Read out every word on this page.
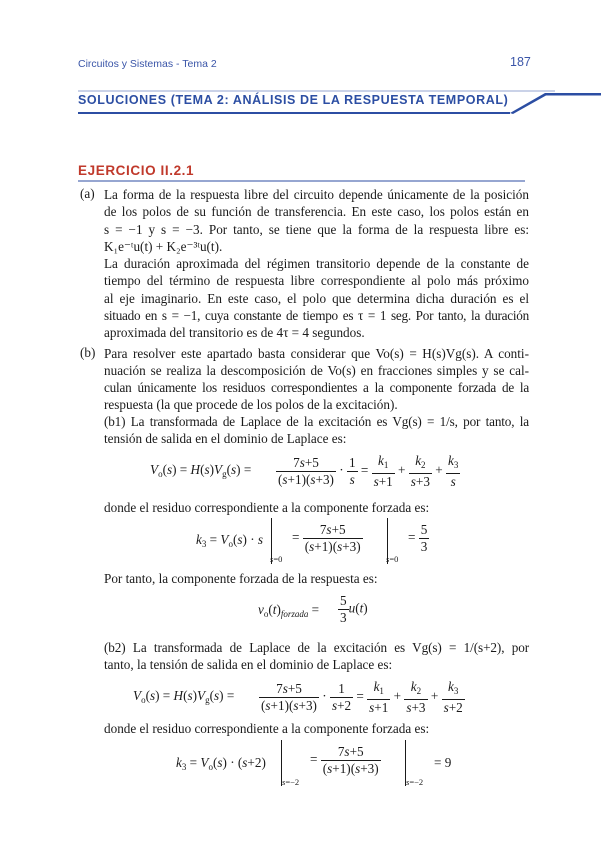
Circuitos y Sistemas - Tema 2	187
SOLUCIONES (TEMA 2: ANÁLISIS DE LA RESPUESTA TEMPORAL)
EJERCICIO II.2.1
(a) La forma de la respuesta libre del circuito depende únicamente de la posición
de los polos de su función de transferencia. En este caso, los polos están en
s = −1 y s = −3. Por tanto, se tiene que la forma de la respuesta libre es:
K₁e⁻ᵗu(t) + K₂e⁻³ᵗu(t).
La duración aproximada del régimen transitorio depende de la constante de
tiempo del término de respuesta libre correspondiente al polo más próximo
al eje imaginario. En este caso, el polo que determina dicha duración es el
situado en s = −1, cuya constante de tiempo es τ = 1 seg. Por tanto, la duración
aproximada del transitorio es de 4τ = 4 segundos.
(b) Para resolver este apartado basta considerar que Vo(s) = H(s)Vg(s). A conti-
nuación se realiza la descomposición de Vo(s) en fracciones simples y se cal-
culan únicamente los residuos correspondientes a la componente forzada de la
respuesta (la que procede de los polos de la excitación).
(b1) La transformada de Laplace de la excitación es Vg(s) = 1/s, por tanto, la
tensión de salida en el dominio de Laplace es:
$V_o(s) = H(s)V_g(s) = \frac{7s+5}{(s+1)(s+3)} \cdot \frac{1}{s} = \frac{k_1}{s+1} + \frac{k_2}{s+3} + \frac{k_3}{s}$
donde el residuo correspondiente a la componente forzada es:
$k_3 = V_o(s) \cdot s$
s=0
= $\frac{7s+5}{(s+1)(s+3)}$
s=0
= $\frac{5}{3}$
Por tanto, la componente forzada de la respuesta es:
$v_o(t)_{forzada} = \frac{5}{3} u(t)$
(b2) La transformada de Laplace de la excitación es Vg(s) = 1/(s+2), por
tanto, la tensión de salida en el dominio de Laplace es:
$V_o(s) = H(s)V_g(s) = \frac{7s+5}{(s+1)(s+3)} \cdot \frac{1}{s+2} = \frac{k_1}{s+1} + \frac{k_2}{s+3} + \frac{k_3}{s+2}$
donde el residuo correspondiente a la componente forzada es:
$k_3 = V_o(s) \cdot (s+2)$
s=−2
= $\frac{7s+5}{(s+1)(s+3)}$
s=−2
= 9
